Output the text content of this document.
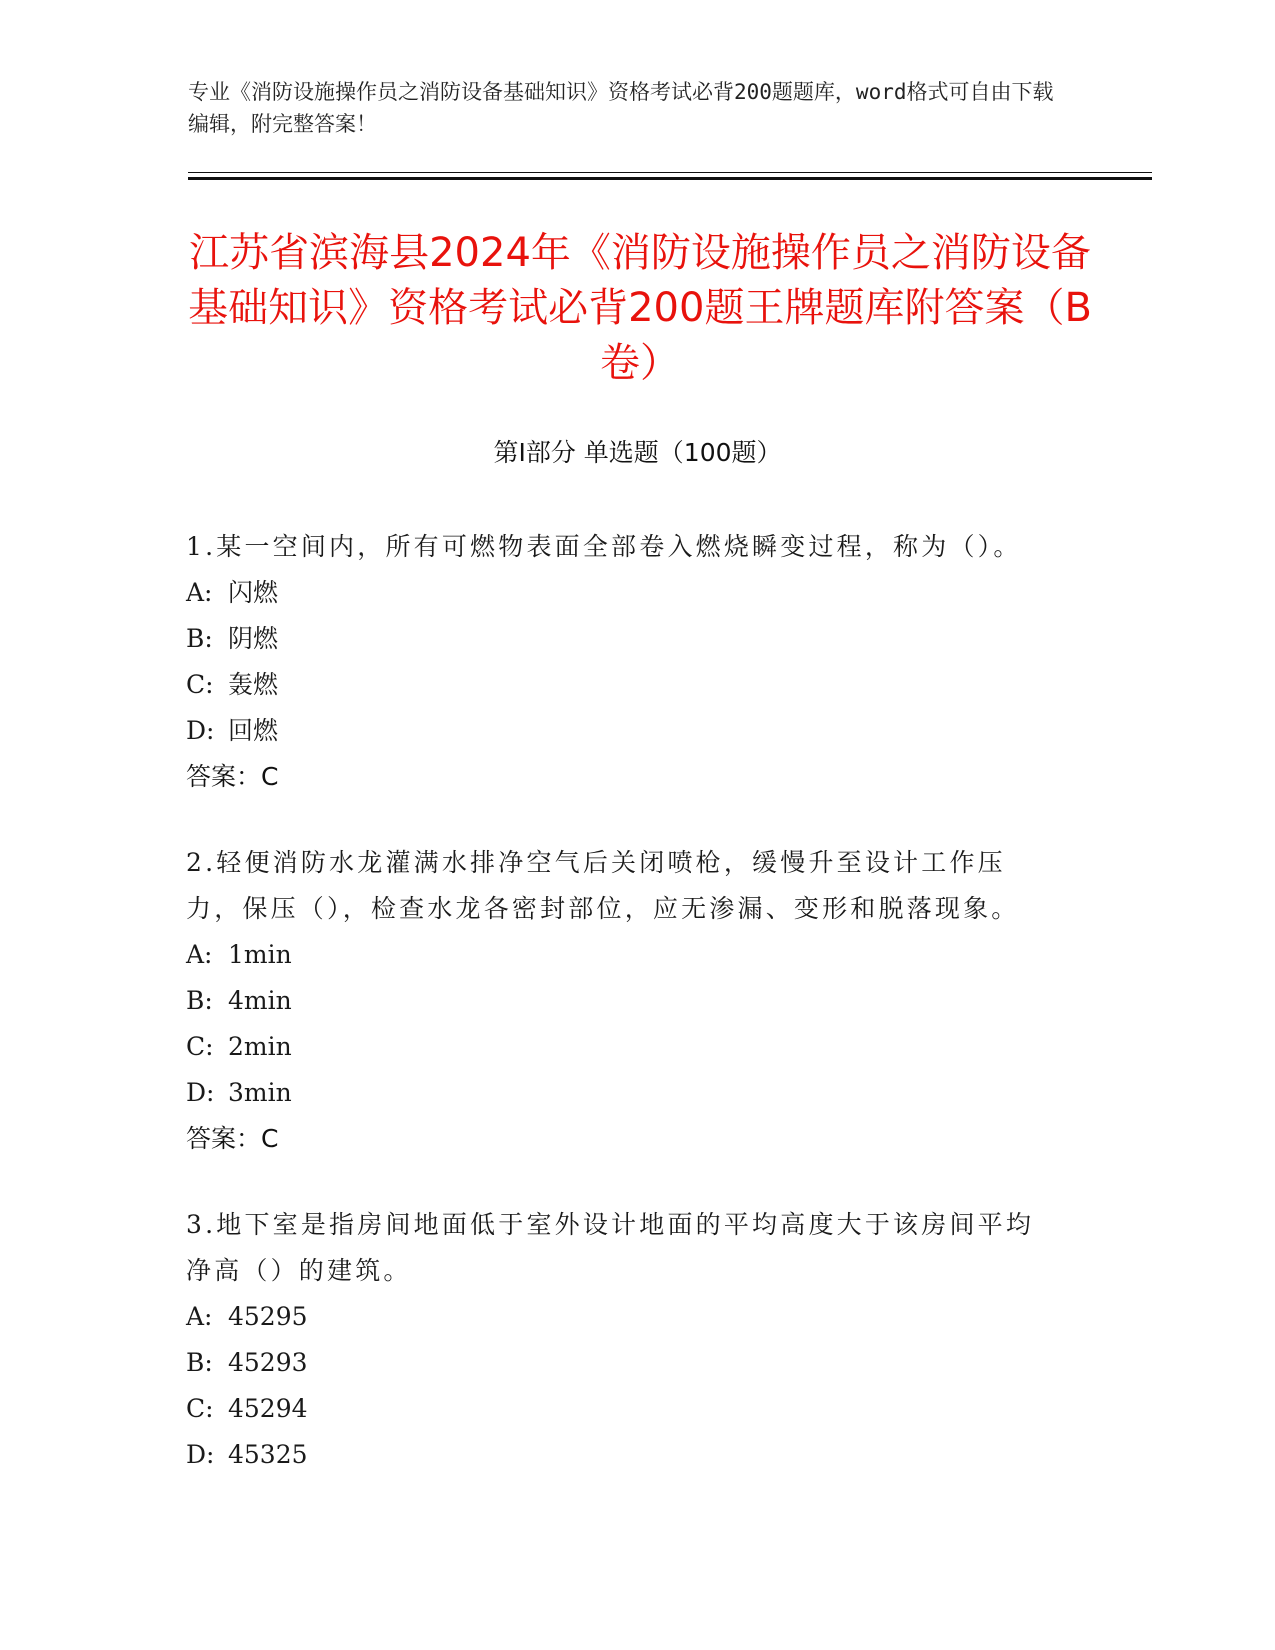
专业《消防设施操作员之消防设备基础知识》资格考试必背200题题库，word格式可自由下载编辑，附完整答案！
江苏省滨海县2024年《消防设施操作员之消防设备基础知识》资格考试必背200题王牌题库附答案（B卷）
第I部分 单选题（100题）

1.某一空间内，所有可燃物表面全部卷入燃烧瞬变过程，称为（）。

A: 闪燃

B: 阴燃

C: 轰燃

D: 回燃

答案：C

2.轻便消防水龙灌满水排净空气后关闭喷枪，缓慢升至设计工作压力，保压（），检查水龙各密封部位，应无渗漏、变形和脱落现象。

A: 1min

B: 4min

C: 2min

D: 3min

答案：C

3.地下室是指房间地面低于室外设计地面的平均高度大于该房间平均净高（）的建筑。

A: 45295

B: 45293

C: 45294

D: 45325
